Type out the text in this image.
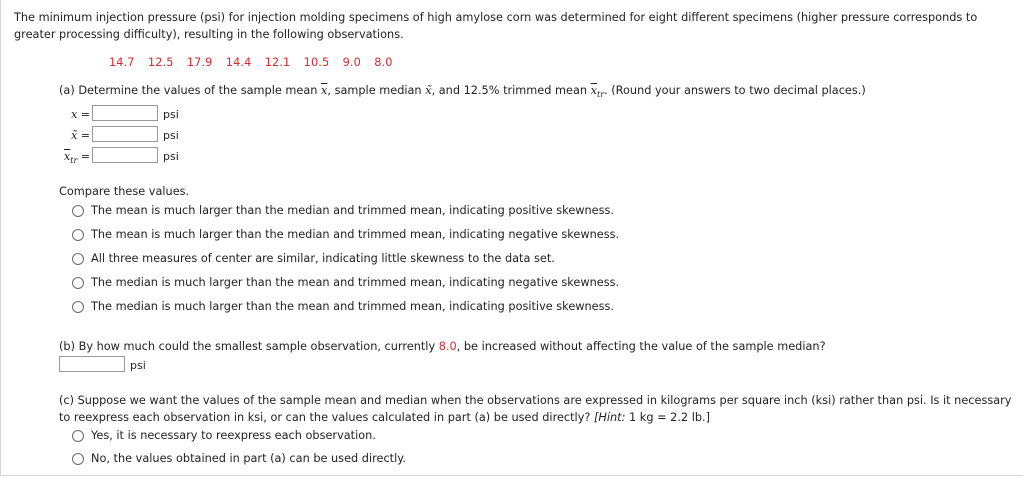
The minimum injection pressure (psi) for injection molding specimens of high amylose corn was determined for eight different specimens (higher pressure corresponds to greater processing difficulty), resulting in the following observations.
14.7  12.5  17.9  14.4  12.1  10.5  9.0  8.0
(a) Determine the values of the sample mean $\overline{x}$, sample median x̃, and 12.5% trimmed mean $\overline{x}_{tr}$. (Round your answers to two decimal places.)
x =	psi
x̃ =	psi
$\overline{x}_{tr}$ =	psi
Compare these values.
The mean is much larger than the median and trimmed mean, indicating positive skewness.
The mean is much larger than the median and trimmed mean, indicating negative skewness.
All three measures of center are similar, indicating little skewness to the data set.
The median is much larger than the mean and trimmed mean, indicating negative skewness.
The median is much larger than the mean and trimmed mean, indicating positive skewness.
(b) By how much could the smallest sample observation, currently 8.0, be increased without affecting the value of the sample median?
psi
(c) Suppose we want the values of the sample mean and median when the observations are expressed in kilograms per square inch (ksi) rather than psi. Is it necessary to reexpress each observation in ksi, or can the values calculated in part (a) be used directly? [Hint: 1 kg = 2.2 lb.]
Yes, it is necessary to reexpress each observation.
No, the values obtained in part (a) can be used directly.
